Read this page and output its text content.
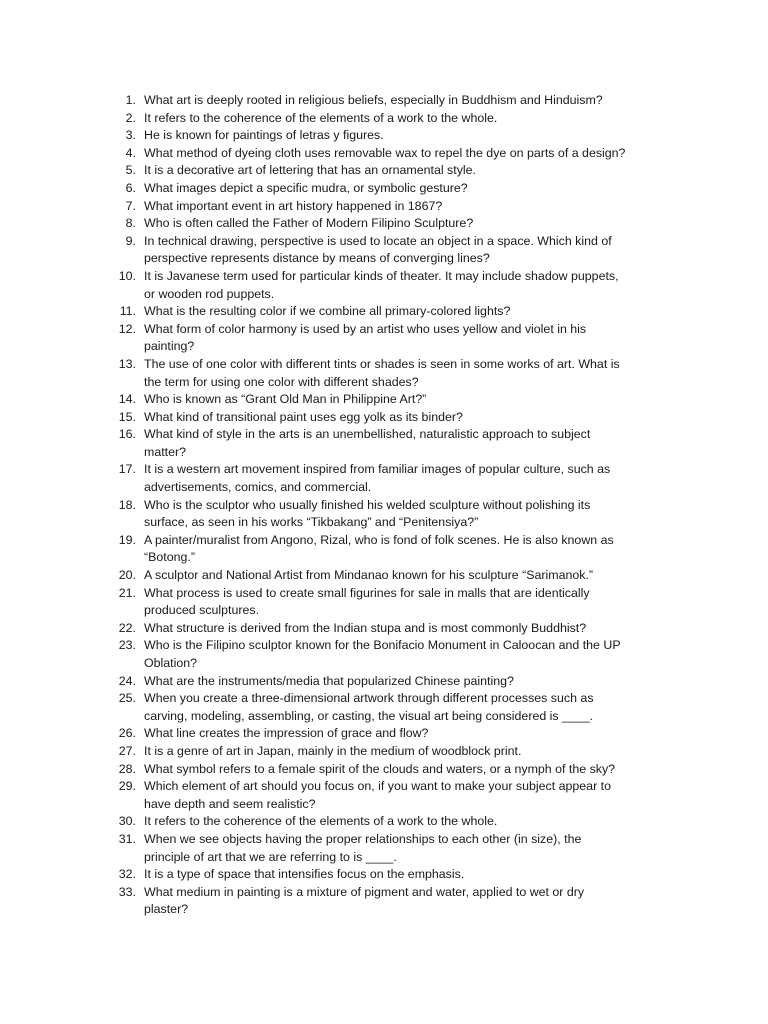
1. What art is deeply rooted in religious beliefs, especially in Buddhism and Hinduism?
2. It refers to the coherence of the elements of a work to the whole.
3. He is known for paintings of letras y figures.
4. What method of dyeing cloth uses removable wax to repel the dye on parts of a design?
5. It is a decorative art of lettering that has an ornamental style.
6. What images depict a specific mudra, or symbolic gesture?
7. What important event in art history happened in 1867?
8. Who is often called the Father of Modern Filipino Sculpture?
9. In technical drawing, perspective is used to locate an object in a space. Which kind of
perspective represents distance by means of converging lines?
10. It is Javanese term used for particular kinds of theater. It may include shadow puppets,
or wooden rod puppets.
11. What is the resulting color if we combine all primary-colored lights?
12. What form of color harmony is used by an artist who uses yellow and violet in his
painting?
13. The use of one color with different tints or shades is seen in some works of art. What is
the term for using one color with different shades?
14. Who is known as “Grant Old Man in Philippine Art?”
15. What kind of transitional paint uses egg yolk as its binder?
16. What kind of style in the arts is an unembellished, naturalistic approach to subject
matter?
17. It is a western art movement inspired from familiar images of popular culture, such as
advertisements, comics, and commercial.
18. Who is the sculptor who usually finished his welded sculpture without polishing its
surface, as seen in his works “Tikbakang” and “Penitensiya?”
19. A painter/muralist from Angono, Rizal, who is fond of folk scenes. He is also known as
“Botong.”
20. A sculptor and National Artist from Mindanao known for his sculpture “Sarimanok.”
21. What process is used to create small figurines for sale in malls that are identically
produced sculptures.
22. What structure is derived from the Indian stupa and is most commonly Buddhist?
23. Who is the Filipino sculptor known for the Bonifacio Monument in Caloocan and the UP
Oblation?
24. What are the instruments/media that popularized Chinese painting?
25. When you create a three-dimensional artwork through different processes such as
carving, modeling, assembling, or casting, the visual art being considered is ____.
26. What line creates the impression of grace and flow?
27. It is a genre of art in Japan, mainly in the medium of woodblock print.
28. What symbol refers to a female spirit of the clouds and waters, or a nymph of the sky?
29. Which element of art should you focus on, if you want to make your subject appear to
have depth and seem realistic?
30. It refers to the coherence of the elements of a work to the whole.
31. When we see objects having the proper relationships to each other (in size), the
principle of art that we are referring to is ____.
32. It is a type of space that intensifies focus on the emphasis.
33. What medium in painting is a mixture of pigment and water, applied to wet or dry
plaster?
